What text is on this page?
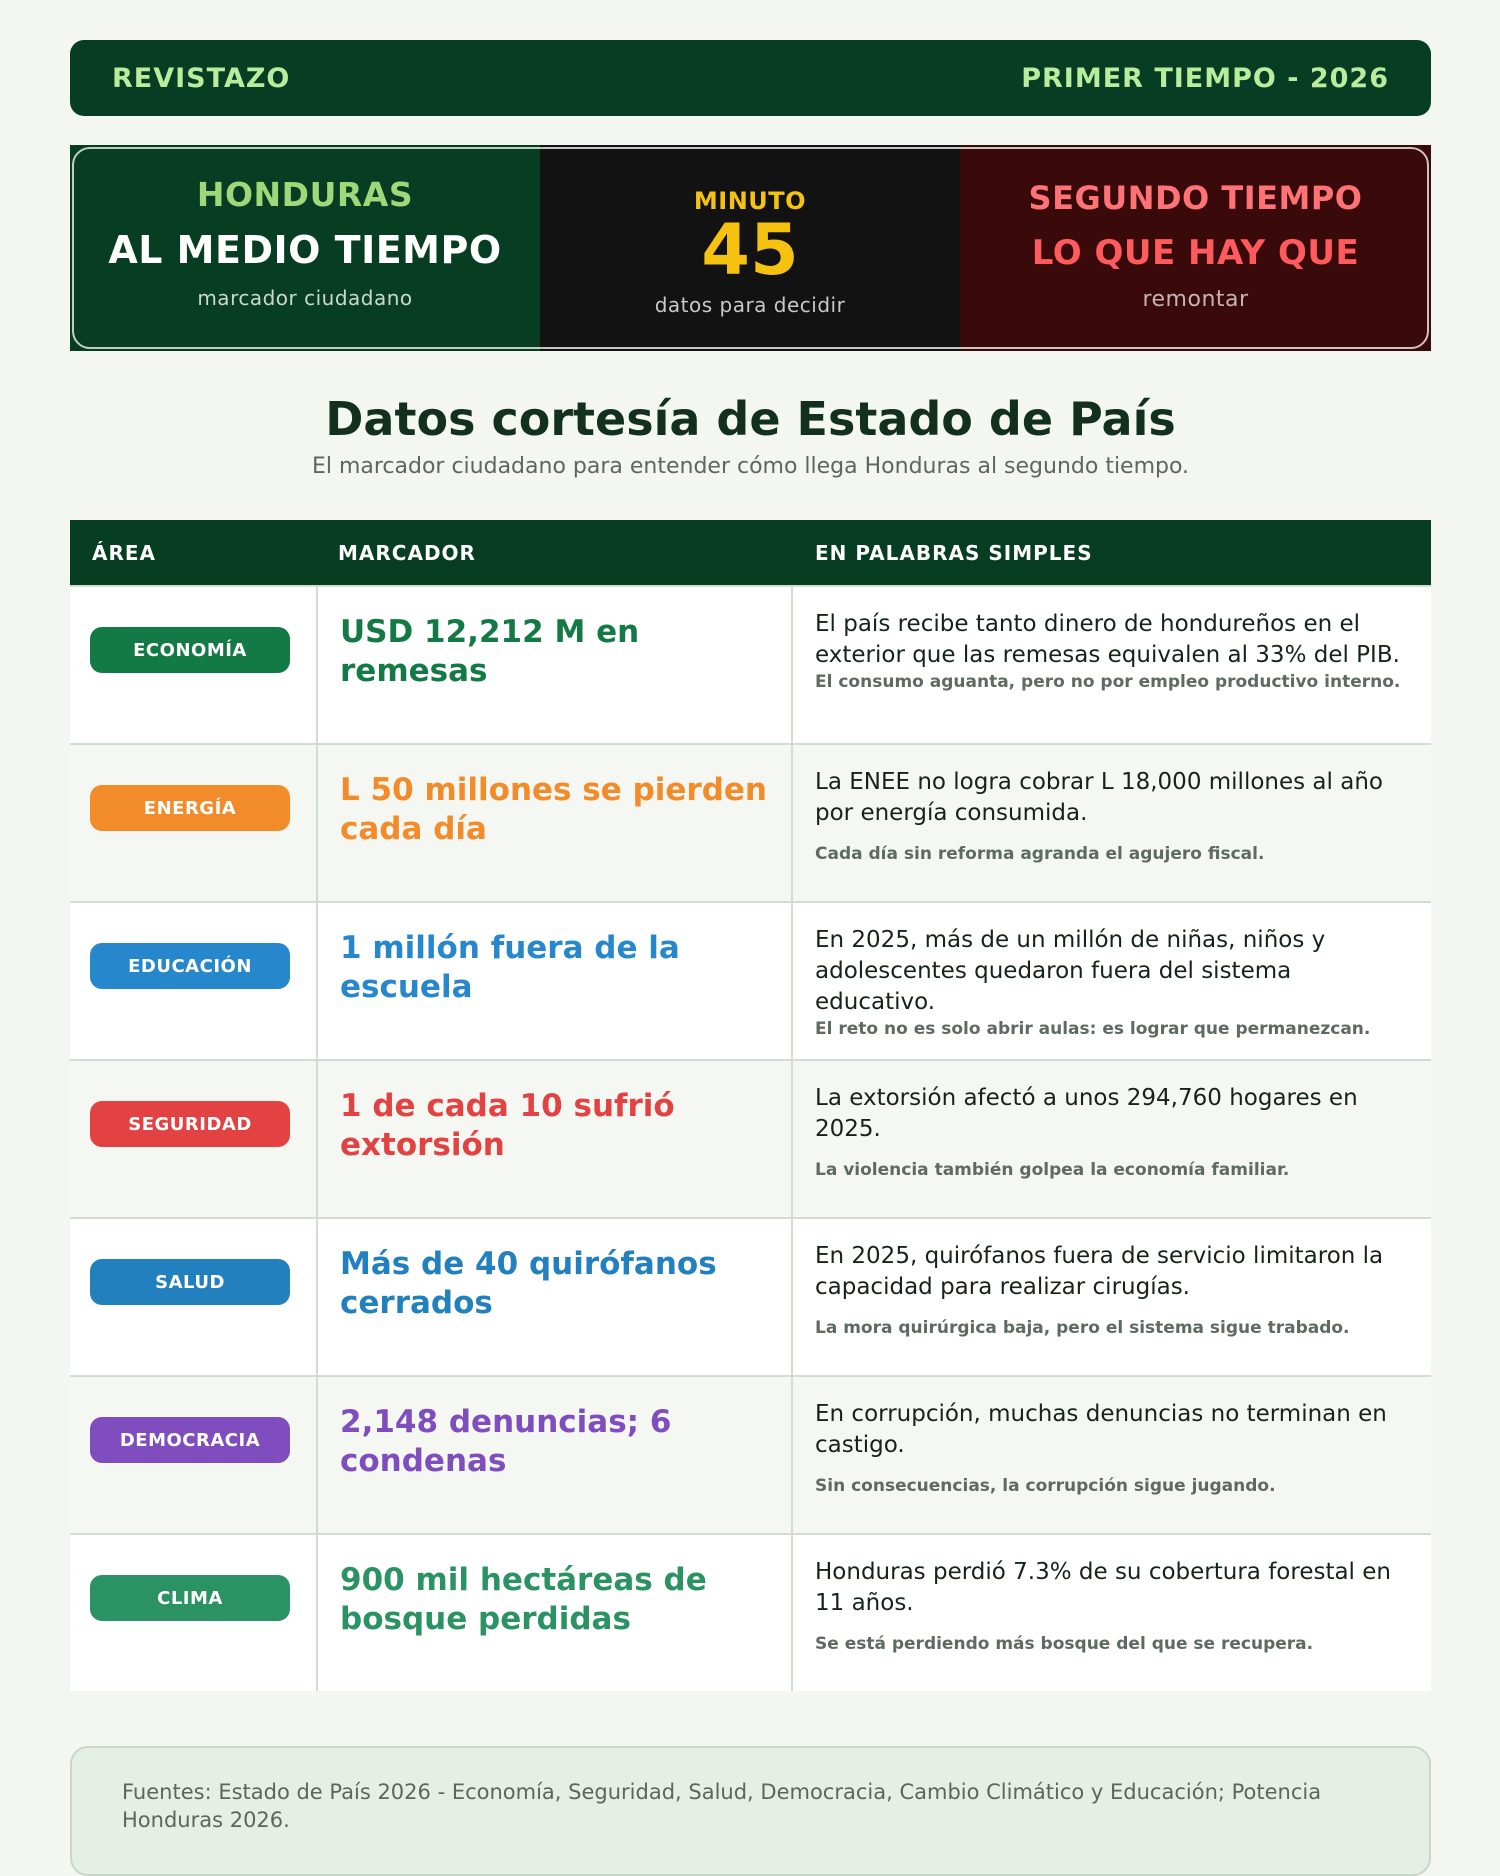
REVISTAZO	PRIMER TIEMPO - 2026
HONDURAS
AL MEDIO TIEMPO
marcador ciudadano
MINUTO
45
datos para decidir
SEGUNDO TIEMPO
LO QUE HAY QUE
remontar
Datos cortesía de Estado de País
El marcador ciudadano para entender cómo llega Honduras al segundo tiempo.
ÁREA	MARCADOR	EN PALABRAS SIMPLES
ECONOMÍA	USD 12,212 M en remesas
El país recibe tanto dinero de hondureños en el exterior que las remesas equivalen al 33% del PIB.
El consumo aguanta, pero no por empleo productivo interno.
ENERGÍA	L 50 millones se pierden cada día
La ENEE no logra cobrar L 18,000 millones al año por energía consumida.
Cada día sin reforma agranda el agujero fiscal.
EDUCACIÓN	1 millón fuera de la escuela
En 2025, más de un millón de niñas, niños y adolescentes quedaron fuera del sistema educativo.
El reto no es solo abrir aulas: es lograr que permanezcan.
SEGURIDAD	1 de cada 10 sufrió extorsión
La extorsión afectó a unos 294,760 hogares en 2025.
La violencia también golpea la economía familiar.
SALUD	Más de 40 quirófanos cerrados
En 2025, quirófanos fuera de servicio limitaron la capacidad para realizar cirugías.
La mora quirúrgica baja, pero el sistema sigue trabado.
DEMOCRACIA	2,148 denuncias; 6 condenas
En corrupción, muchas denuncias no terminan en castigo.
Sin consecuencias, la corrupción sigue jugando.
CLIMA	900 mil hectáreas de bosque perdidas
Honduras perdió 7.3% de su cobertura forestal en 11 años.
Se está perdiendo más bosque del que se recupera.
Fuentes: Estado de País 2026 - Economía, Seguridad, Salud, Democracia, Cambio Climático y Educación; Potencia Honduras 2026.
